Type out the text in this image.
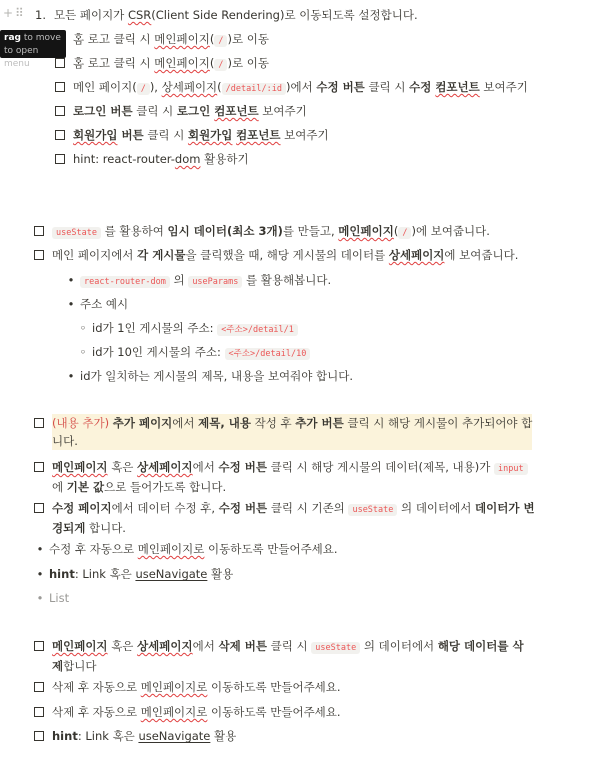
+ ⠿ 1. 모든 페이지가 CSR(Client Side Rendering)로 이동되도록 설정합니다.
홈 로고 클릭 시 메인페이지( / )로 이동
홈 로고 클릭 시 메인페이지( / )로 이동
메인 페이지( / ), 상세페이지( /detail/:id )에서 수정 버튼 클릭 시 수정 컴포넌트 보여주기
로그인 버튼 클릭 시 로그인 컴포넌트 보여주기
회원가입 버튼 클릭 시 회원가입 컴포넌트 보여주기
hint: react-router-dom 활용하기
useState 를 활용하여 임시 데이터(최소 3개)를 만들고, 메인페이지( / )에 보여줍니다.
메인 페이지에서 각 게시물을 클릭했을 때, 해당 게시물의 데이터를 상세페이지에 보여줍니다.
•	react-router-dom 의 useParams 를 활용해봅니다.
• 주소 예시
◦ id가 1인 게시물의 주소: <주소>/detail/1
◦ id가 10인 게시물의 주소: <주소>/detail/10
• id가 일치하는 게시물의 제목, 내용을 보여줘야 합니다.
(내용 추가) 추가 페이지에서 제목, 내용 작성 후 추가 버튼 클릭 시 해당 게시물이 추가되어야 합
니다.
메인페이지 혹은 상세페이지에서 수정 버튼 클릭 시 해당 게시물의 데이터(제목, 내용)가 input
에 기본 값으로 들어가도록 합니다.
수정 페이지에서 데이터 수정 후, 수정 버튼 클릭 시 기존의 useState 의 데이터에서 데이터가 변
경되게 합니다.
• 수정 후 자동으로 메인페이지로 이동하도록 만들어주세요.
• hint: Link 혹은 useNavigate 활용
• List
메인페이지 혹은 상세페이지에서 삭제 버튼 클릭 시 useState 의 데이터에서 해당 데이터를 삭
제합니다
삭제 후 자동으로 메인페이지로 이동하도록 만들어주세요.
삭제 후 자동으로 메인페이지로 이동하도록 만들어주세요.
hint: Link 혹은 useNavigate 활용
rag to move
to open menu
